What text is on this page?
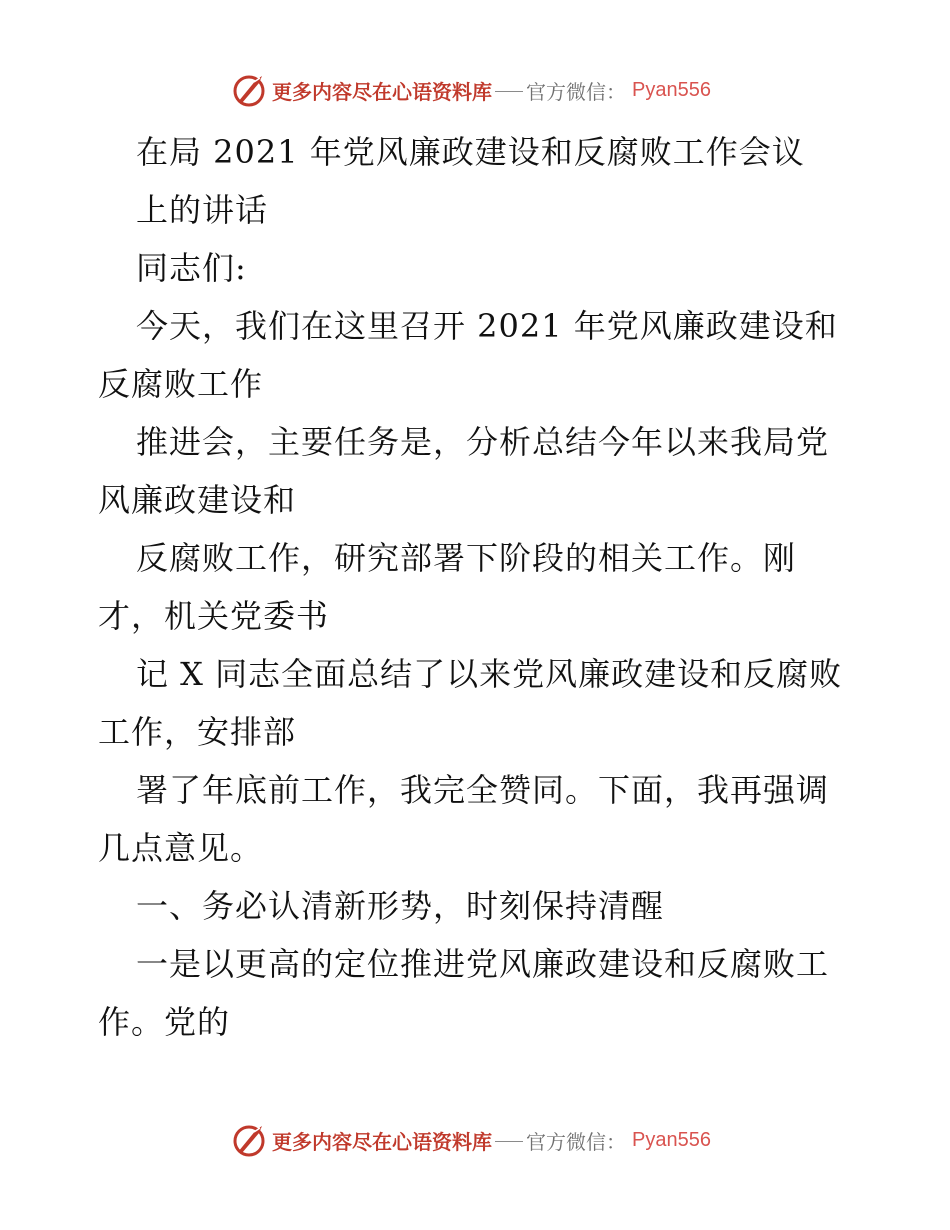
更多内容尽在心语资料库 官方微信： Pyan556
在局 2021 年党风廉政建设和反腐败工作会议
上的讲话
同志们:
今天，我们在这里召开 2021 年党风廉政建设和
反腐败工作
推进会，主要任务是，分析总结今年以来我局党
风廉政建设和
反腐败工作，研究部署下阶段的相关工作。刚
才，机关党委书
记 X 同志全面总结了以来党风廉政建设和反腐败
工作，安排部
署了年底前工作，我完全赞同。下面，我再强调
几点意见。
一、务必认清新形势，时刻保持清醒
一是以更高的定位推进党风廉政建设和反腐败工
作。党的
更多内容尽在心语资料库 官方微信： Pyan556
